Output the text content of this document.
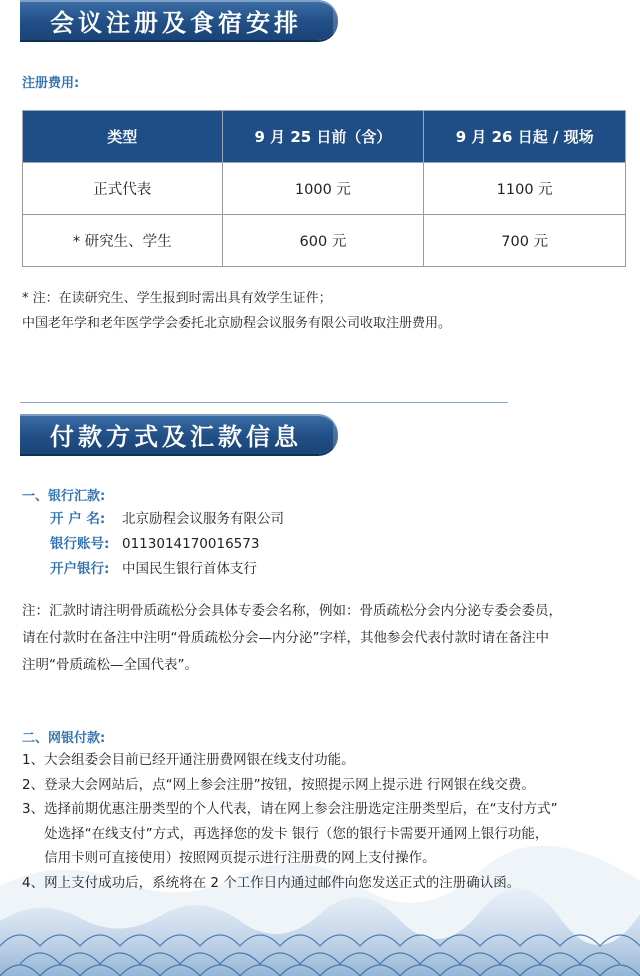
会议注册及食宿安排
注册费用:
类型	9 月 25 日前（含）	9 月 26 日起 / 现场
正式代表	1000 元	1100 元
* 研究生、学生	600 元	700 元
* 注：在读研究生、学生报到时需出具有效学生证件；
中国老年学和老年医学学会委托北京励程会议服务有限公司收取注册费用。
付款方式及汇款信息
一、银行汇款:
开 户 名: 北京励程会议服务有限公司
银行账号: 0113014170016573
开户银行: 中国民生银行首体支行
注：汇款时请注明骨质疏松分会具体专委会名称，例如：骨质疏松分会内分泌专委会委员，
请在付款时在备注中注明“骨质疏松分会—内分泌”字样，其他参会代表付款时请在备注中
注明“骨质疏松—全国代表”。
二、网银付款:
1、 大会组委会目前已经开通注册费网银在线支付功能。
2、 登录大会网站后，点“网上参会注册”按钮，按照提示网上提示进 行网银在线交费。
3、 选择前期优惠注册类型的个人代表，请在网上参会注册选定注册类型后，在“支付方式”
处选择“在线支付”方式，再选择您的发卡 银行（您的银行卡需要开通网上银行功能，
信用卡则可直接使用）按照网页提示进行注册费的网上支付操作。
4、 网上支付成功后，系统将在 2 个工作日内通过邮件向您发送正式的注册确认函。
